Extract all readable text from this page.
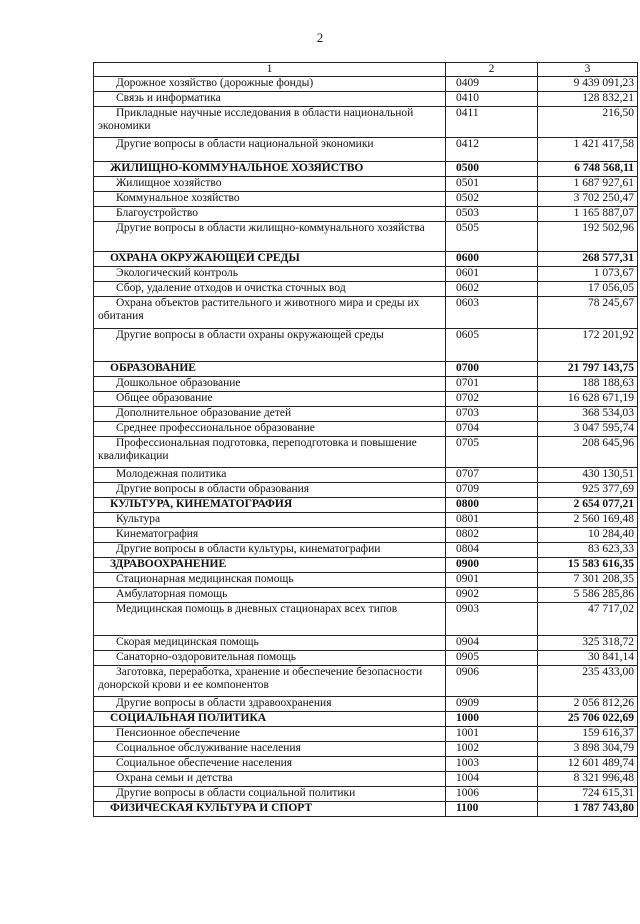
2
1	2	3
Дорожное хозяйство (дорожные фонды)	0409	9 439 091,23
Связь и информатика	0410	128 832,21
Прикладные научные исследования в области национальной экономики	0411	216,50
Другие вопросы в области национальной экономики	0412	1 421 417,58
ЖИЛИЩНО-КОММУНАЛЬНОЕ ХОЗЯЙСТВО	0500	6 748 568,11
Жилищное хозяйство	0501	1 687 927,61
Коммунальное хозяйство	0502	3 702 250,47
Благоустройство	0503	1 165 887,07
Другие вопросы в области жилищно-коммунального хозяйства	0505	192 502,96
ОХРАНА ОКРУЖАЮЩЕЙ СРЕДЫ	0600	268 577,31
Экологический контроль	0601	1 073,67
Сбор, удаление отходов и очистка сточных вод	0602	17 056,05
Охрана объектов растительного и животного мира и среды их обитания	0603	78 245,67
Другие вопросы в области охраны окружающей среды	0605	172 201,92
ОБРАЗОВАНИЕ	0700	21 797 143,75
Дошкольное образование	0701	188 188,63
Общее образование	0702	16 628 671,19
Дополнительное образование детей	0703	368 534,03
Среднее профессиональное образование	0704	3 047 595,74
Профессиональная подготовка, переподготовка и повышение квалификации	0705	208 645,96
Молодежная политика	0707	430 130,51
Другие вопросы в области образования	0709	925 377,69
КУЛЬТУРА, КИНЕМАТОГРАФИЯ	0800	2 654 077,21
Культура	0801	2 560 169,48
Кинематография	0802	10 284,40
Другие вопросы в области культуры, кинематографии	0804	83 623,33
ЗДРАВООХРАНЕНИЕ	0900	15 583 616,35
Стационарная медицинская помощь	0901	7 301 208,35
Амбулаторная помощь	0902	5 586 285,86
Медицинская помощь в дневных стационарах всех типов	0903	47 717,02
Скорая медицинская помощь	0904	325 318,72
Санаторно-оздоровительная помощь	0905	30 841,14
Заготовка, переработка, хранение и обеспечение безопасности донорской крови и ее компонентов	0906	235 433,00
Другие вопросы в области здравоохранения	0909	2 056 812,26
СОЦИАЛЬНАЯ ПОЛИТИКА	1000	25 706 022,69
Пенсионное обеспечение	1001	159 616,37
Социальное обслуживание населения	1002	3 898 304,79
Социальное обеспечение населения	1003	12 601 489,74
Охрана семьи и детства	1004	8 321 996,48
Другие вопросы в области социальной политики	1006	724 615,31
ФИЗИЧЕСКАЯ КУЛЬТУРА И СПОРТ	1100	1 787 743,80
